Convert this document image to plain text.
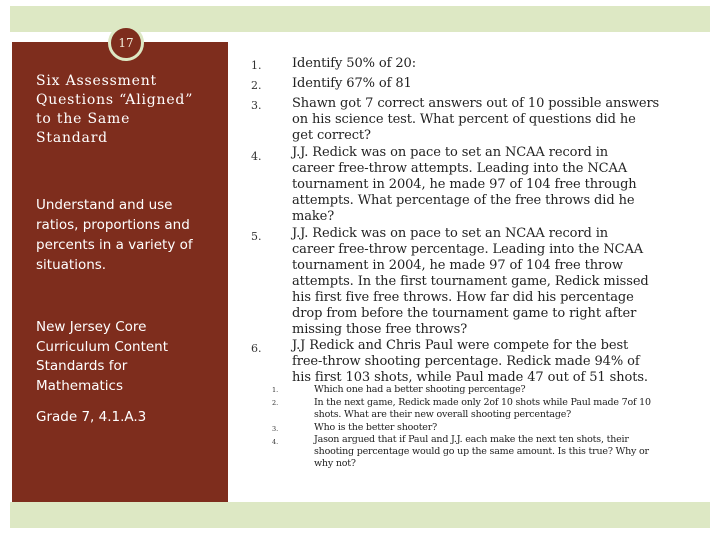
17
Six Assessment
Questions “Aligned”
to the Same
Standard
Understand and use
ratios, proportions and
percents in a variety of
situations.
New Jersey Core
Curriculum Content
Standards for
Mathematics
Grade 7, 4.1.A.3
1. Identify 50% of 20:
2. Identify 67% of 81
3. Shawn got 7 correct answers out of 10 possible answers
on his science test. What percent of questions did he
get correct?
4. J.J. Redick was on pace to set an NCAA record in
career free-throw attempts. Leading into the NCAA
tournament in 2004, he made 97 of 104 free through
attempts. What percentage of the free throws did he
make?
5. J.J. Redick was on pace to set an NCAA record in
career free-throw percentage. Leading into the NCAA
tournament in 2004, he made 97 of 104 free throw
attempts. In the first tournament game, Redick missed
his first five free throws. How far did his percentage
drop from before the tournament game to right after
missing those free throws?
6. J.J Redick and Chris Paul were compete for the best
free-throw shooting percentage. Redick made 94% of
his first 103 shots, while Paul made 47 out of 51 shots.
1.	Which one had a better shooting percentage?
2.	In the next game, Redick made only 2of 10 shots while Paul made 7of 10
shots. What are their new overall shooting percentage?
3.	Who is the better shooter?
4.	Jason argued that if Paul and J.J. each make the next ten shots, their
shooting percentage would go up the same amount. Is this true? Why or
why not?
